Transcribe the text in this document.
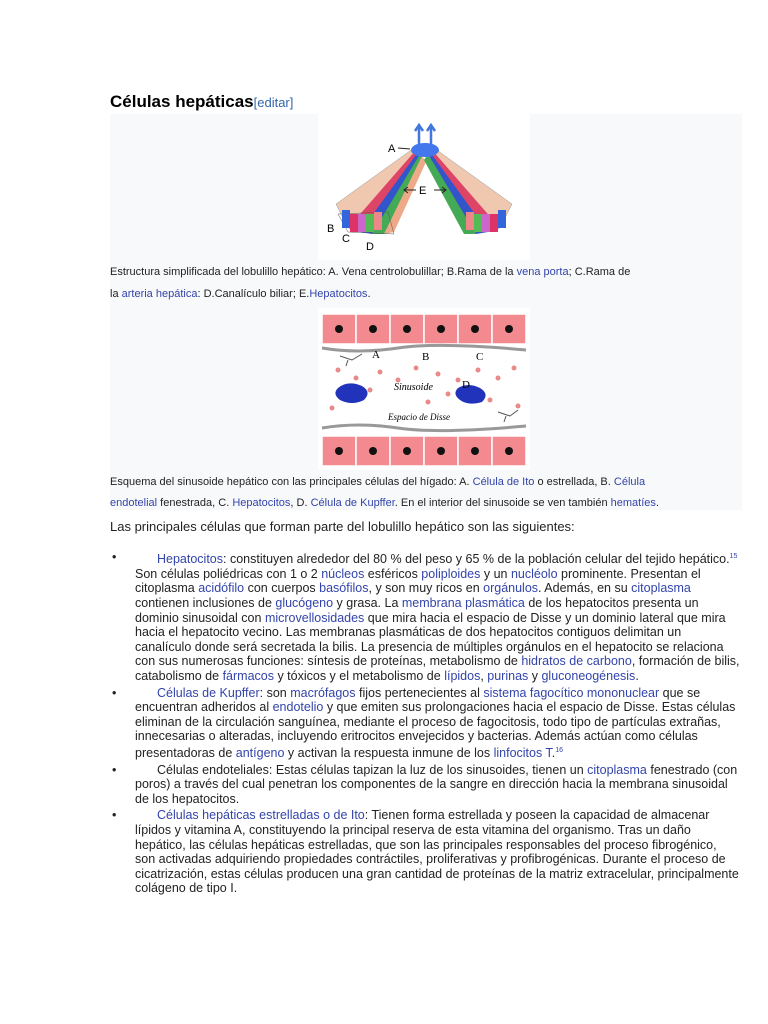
Células hepáticas[editar]
E
A
B
C
D
Estructura simplificada del lobulillo hepático: A. Vena centrolobulillar; B.Rama de la vena porta; C.Rama de
la arteria hepática: D.Canalículo biliar; E.Hepatocitos.
Sinusoide
Espacio de Disse
A	B	C
D
Esquema del sinusoide hepático con las principales células del hígado: A. Célula de Ito o estrellada, B. Célula
endotelial fenestrada, C. Hepatocitos, D. Célula de Kupffer. En el interior del sinusoide se ven también hematíes.
Las principales células que forman parte del lobulillo hepático son las siguientes:
•	Hepatocitos: constituyen alrededor del 80 % del peso y 65 % de la población celular del tejido hepático.$^{15}$ Son células poliédricas con 1 o 2 núcleos esféricos poliploides y un nucléolo prominente. Presentan el citoplasma acidófilo con cuerpos basófilos, y son muy ricos en orgánulos. Además, en su citoplasma contienen inclusiones de glucógeno y grasa. La membrana plasmática de los hepatocitos presenta un dominio sinusoidal con microvellosidades que mira hacia el espacio de Disse y un dominio lateral que mira hacia el hepatocito vecino. Las membranas plasmáticas de dos hepatocitos contiguos delimitan un canalículo donde será secretada la bilis. La presencia de múltiples orgánulos en el hepatocito se relaciona con sus numerosas funciones: síntesis de proteínas, metabolismo de hidratos de carbono, formación de bilis, catabolismo de fármacos y tóxicos y el metabolismo de lípidos, purinas y gluconeogénesis.
•	Células de Kupffer: son macrófagos fijos pertenecientes al sistema fagocítico mononuclear que se encuentran adheridos al endotelio y que emiten sus prolongaciones hacia el espacio de Disse. Estas células eliminan de la circulación sanguínea, mediante el proceso de fagocitosis, todo tipo de partículas extrañas, innecesarias o alteradas, incluyendo eritrocitos envejecidos y bacterias. Además actúan como células presentadoras de antígeno y activan la respuesta inmune de los linfocitos T.$^{16}$
•	Células endoteliales: Estas células tapizan la luz de los sinusoides, tienen un citoplasma fenestrado (con poros) a través del cual penetran los componentes de la sangre en dirección hacia la membrana sinusoidal de los hepatocitos.
•	Células hepáticas estrelladas o de Ito: Tienen forma estrellada y poseen la capacidad de almacenar lípidos y vitamina A, constituyendo la principal reserva de esta vitamina del organismo. Tras un daño hepático, las células hepáticas estrelladas, que son las principales responsables del proceso fibrogénico, son activadas adquiriendo propiedades contráctiles, proliferativas y profibrogénicas. Durante el proceso de cicatrización, estas células producen una gran cantidad de proteínas de la matriz extracelular, principalmente colágeno de tipo I.
